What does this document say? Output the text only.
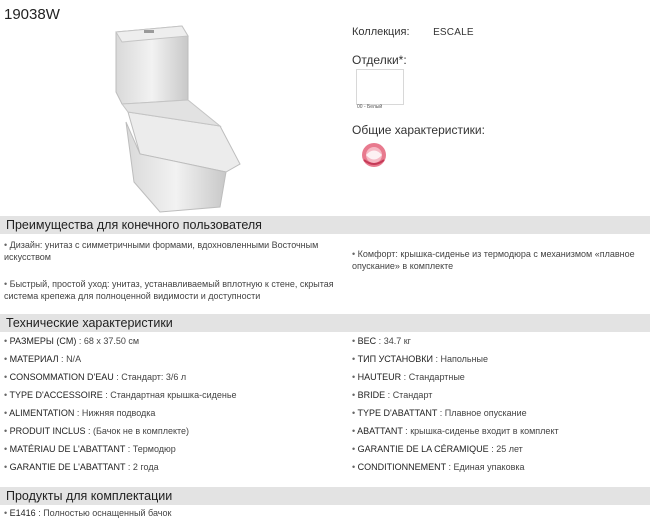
19038W
Коллекция: ESCALE
Отделки*:
00 - Белый
Общие характеристики:
Преимущества для конечного пользователя
• Дизайн: унитаз с симметричными формами, вдохновленными Восточным искусством
• Быстрый, простой уход: унитаз, устанавливаемый вплотную к стене, скрытая система крепежа для полноценной видимости и доступности
• Комфорт: крышка-сиденье из термодюра с механизмом «плавное опускание» в комплекте
Технические характеристики
• РАЗМЕРЫ (CM) : 68 x 37.50 см
• МАТЕРИАЛ : N/A
• CONSOMMATION D'EAU : Стандарт: 3/6 л
• TYPE D'ACCESSOIRE : Стандартная крышка-сиденье
• ALIMENTATION : Нижняя подводка
• PRODUIT INCLUS : (Бачок не в комплекте)
• MATÉRIAU DE L'ABATTANT : Термодюр
• GARANTIE DE L'ABATTANT : 2 года
• ВЕС : 34.7 кг
• ТИП УСТАНОВКИ : Напольные
• HAUTEUR : Стандартные
• BRIDE : Стандарт
• TYPE D'ABATTANT : Плавное опускание
• ABATTANT : крышка-сиденье входит в комплект
• GARANTIE DE LA CÉRAMIQUE : 25 лет
• CONDITIONNEMENT : Единая упаковка
Продукты для комплектации
• E1416 : Полностью оснащенный бачок
